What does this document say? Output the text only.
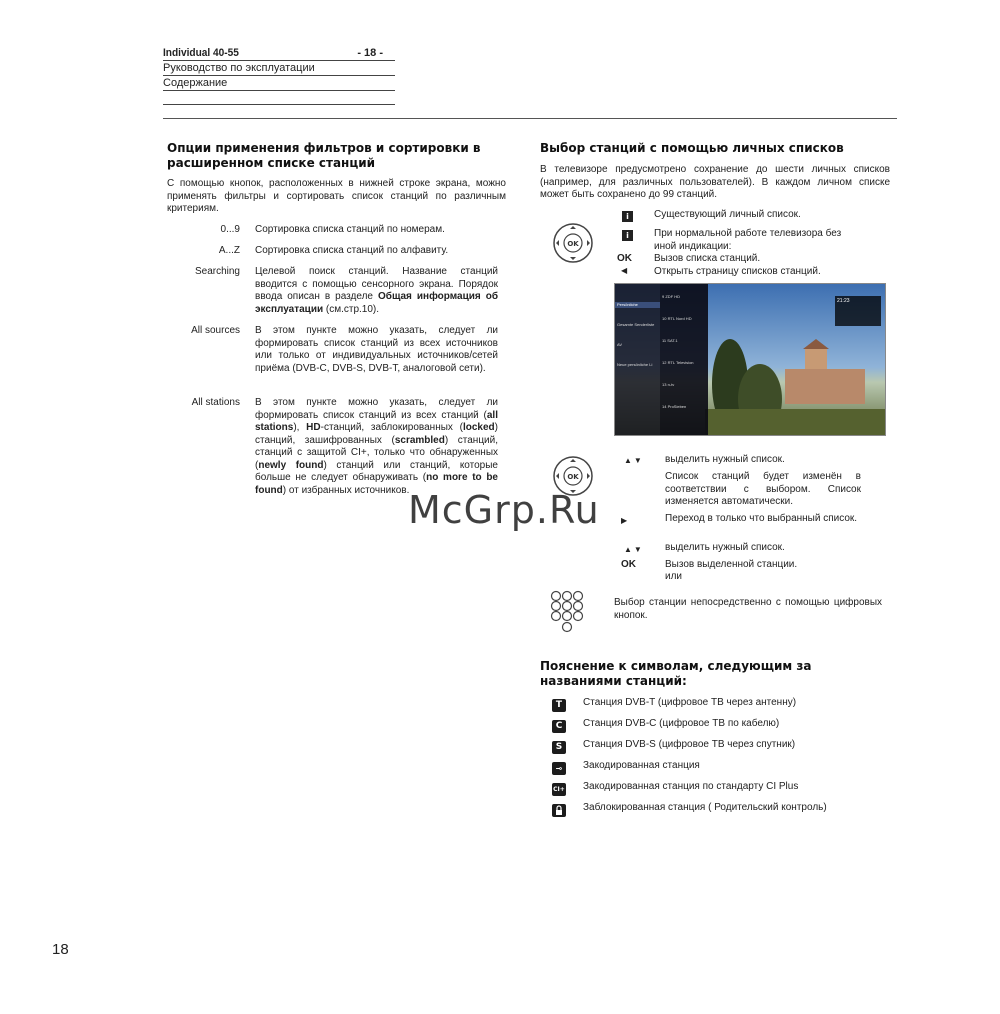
Individual 40-55	- 18 -
Руководство по эксплуатации
Содержание
Опции применения фильтров и сортировки в
расширенном списке станций

С помощью кнопок, расположенных в нижней строке экрана, можно применять фильтры и сортировать список станций по различным критериям.

0...9 Сортировка списка станций по номерам.
A...Z Сортировка списка станций по алфавиту.
Searching Целевой поиск станций. Название станций вводится с помощью сенсорного экрана. Порядок ввода описан в разделе Общая информация об эксплуатации (см.стр.10).

All sources В этом пункте можно указать, следует ли формировать список станций из всех источников или только от индивидуальных источников/сетей приёма (DVB-C, DVB-S, DVB-T, аналоговой сети).

All stations В этом пункте можно указать, следует ли формировать список станций из всех станций (all stations), HD-станций, заблокированных (locked) станций, зашифрованных (scrambled) станций, станций с защитой CI+, только что обнаруженных (newly found) станций или станций, которые больше не следует обнаруживать (no more to be found) от избранных источников.

Выбор станций с помощью личных списков

В телевизоре предусмотрено сохранение до шести личных списков (например, для различных пользователей). В каждом личном списке может быть сохранено до 99 станций.

OK
i	Существующий личный список.
i	При нормальной работе телевизора без иной индикации:
OK Вызов списка станций.
◀	Открыть страницу списков станций.
Persönliche
Gesamte Senderliste
AV
Neue persönliche Li
9 ZDF HD
10 RTL Nord HD
11 SAT.1
12 RTL Television
13 n-tv
14 ProSieben
21:23
OK
▲▼ выделить нужный список.
Список станций будет изменён в соответствии с выбором. Список изменяется автоматически.
▶	Переход в только что выбранный список.
▲▼ выделить нужный список.
OK	Вызов выделенной станции.
или
Выбор станции непосредственно с помощью цифровых кнопок.
Пояснение к символам, следующим за
названиями станций:
T	Станция DVB-T (цифровое ТВ через антенну)
C	Станция DVB-C (цифровое ТВ по кабелю)
S	Станция DVB-S (цифровое ТВ через спутник)
⊸	Закодированная станция
CI+ Закодированная станция по стандарту CI Plus
Заблокированная станция ( Родительский контроль)
McGrp.Ru
18
